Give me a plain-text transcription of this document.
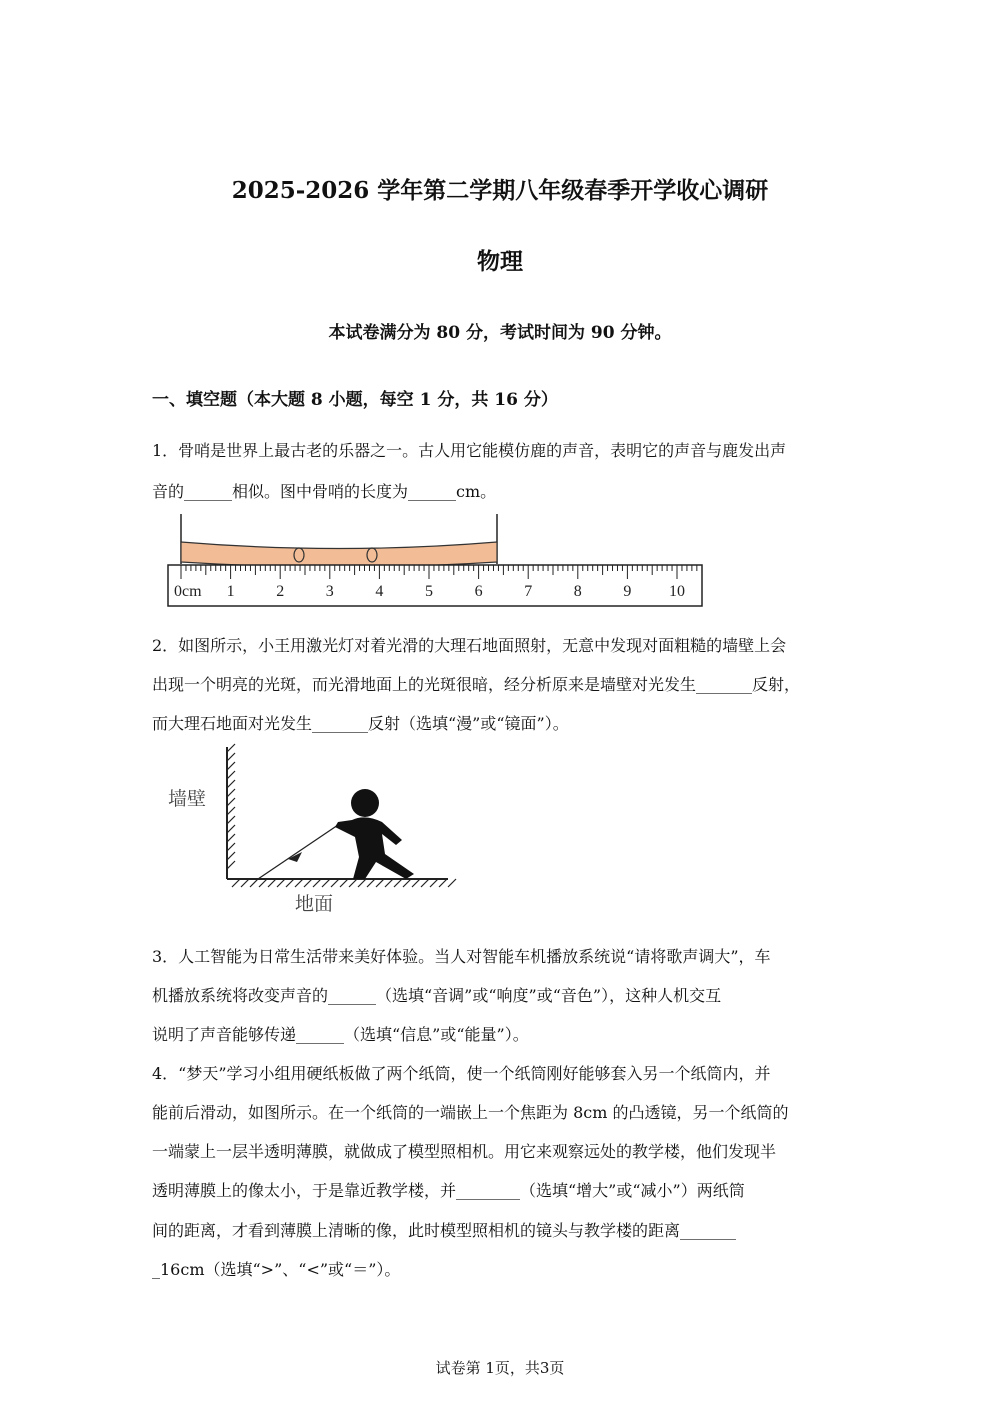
2025-2026 学年第二学期八年级春季开学收心调研
物理
本试卷满分为 80 分，考试时间为 90 分钟。
一、填空题（本大题 8 小题，每空 1 分，共 16 分）
1．骨哨是世界上最古老的乐器之一。古人用它能模仿鹿的声音，表明它的声音与鹿发出声
音的______相似。图中骨哨的长度为______cm。
0cm 1	2	3	4	5	6	7	8	9 10
2．如图所示，小王用激光灯对着光滑的大理石地面照射，无意中发现对面粗糙的墙壁上会
出现一个明亮的光斑，而光滑地面上的光斑很暗，经分析原来是墙壁对光发生_______反射，
而大理石地面对光发生_______反射（选填“漫”或“镜面”）。
墙壁
地面
3．人工智能为日常生活带来美好体验。当人对智能车机播放系统说“请将歌声调大”，车
机播放系统将改变声音的______（选填“音调”或“响度”或“音色”），这种人机交互
说明了声音能够传递______（选填“信息”或“能量”）。
4．“梦天”学习小组用硬纸板做了两个纸筒，使一个纸筒刚好能够套入另一个纸筒内，并
能前后滑动，如图所示。在一个纸筒的一端嵌上一个焦距为 8cm 的凸透镜，另一个纸筒的
一端蒙上一层半透明薄膜，就做成了模型照相机。用它来观察远处的教学楼，他们发现半
透明薄膜上的像太小，于是靠近教学楼，并________（选填“增大”或“减小”）两纸筒
间的距离，才看到薄膜上清晰的像，此时模型照相机的镜头与教学楼的距离_______
_16cm（选填“>”、“<”或“＝”）。
试卷第 1页，共3页
